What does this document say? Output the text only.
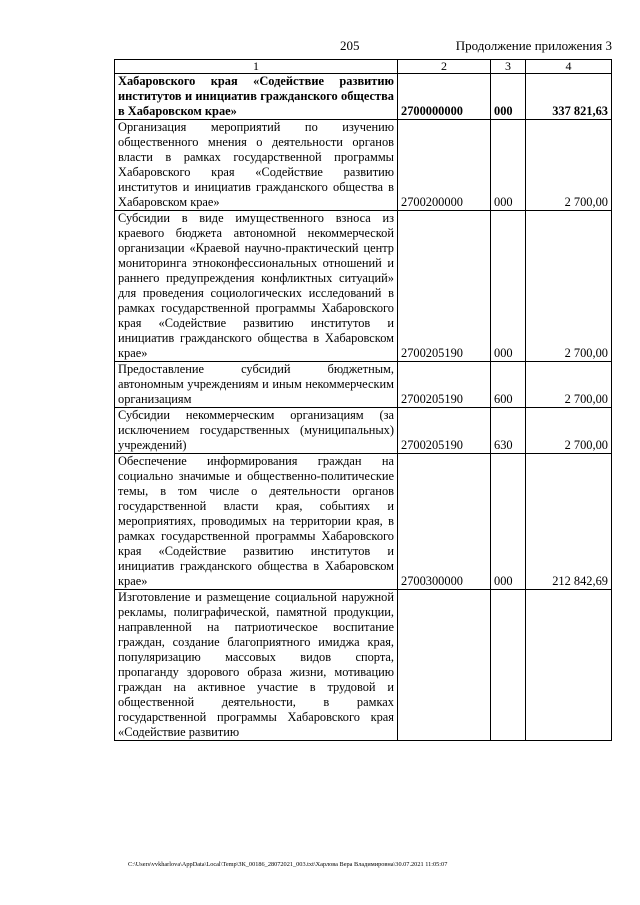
205	Продолжение приложения 3
1	2	3	4
Хабаровского края «Содействие развитию институтов и инициатив гражданского общества в Хабаровском крае»	2700000000	000	337 821,63
Организация мероприятий по изучению общественного мнения о деятельности органов власти в рамках государственной программы Хабаровского края «Содействие развитию институтов и инициатив гражданского общества в Хабаровском крае»	2700200000	000	2 700,00
Субсидии в виде имущественного взноса из краевого бюджета автономной некоммерческой организации «Краевой научно-практический центр мониторинга этноконфессиональных отношений и раннего предупреждения конфликтных ситуаций» для проведения социологических исследований в рамках государственной программы Хабаровского края «Содействие развитию институтов и инициатив гражданского общества в Хабаровском крае»	2700205190	000	2 700,00
Предоставление субсидий бюджетным, автономным учреждениям и иным некоммерческим организациям	2700205190	600	2 700,00
Субсидии некоммерческим организациям (за исключением государственных (муниципальных) учреждений)	2700205190	630	2 700,00
Обеспечение информирования граждан на социально значимые и общественно-политические темы, в том числе о деятельности органов государственной власти края, событиях и мероприятиях, проводимых на территории края, в рамках государственной программы Хабаровского края «Содействие развитию институтов и инициатив гражданского общества в Хабаровском крае»	2700300000	000	212 842,69
Изготовление и размещение социальной наружной рекламы, полиграфической, памятной продукции, направленной на патриотическое воспитание граждан, создание благоприятного имиджа края, популяризацию массовых видов спорта, пропаганду здорового образа жизни, мотивацию граждан на активное участие в трудовой и общественной деятельности, в рамках государственной программы Хабаровского края «Содействие развитию			
C:\Users\vvkharlova\AppData\Local\Temp\ЗК_00186_28072021_003.txt\Харлова Вера Владимировна\30.07.2021 11:05:07
